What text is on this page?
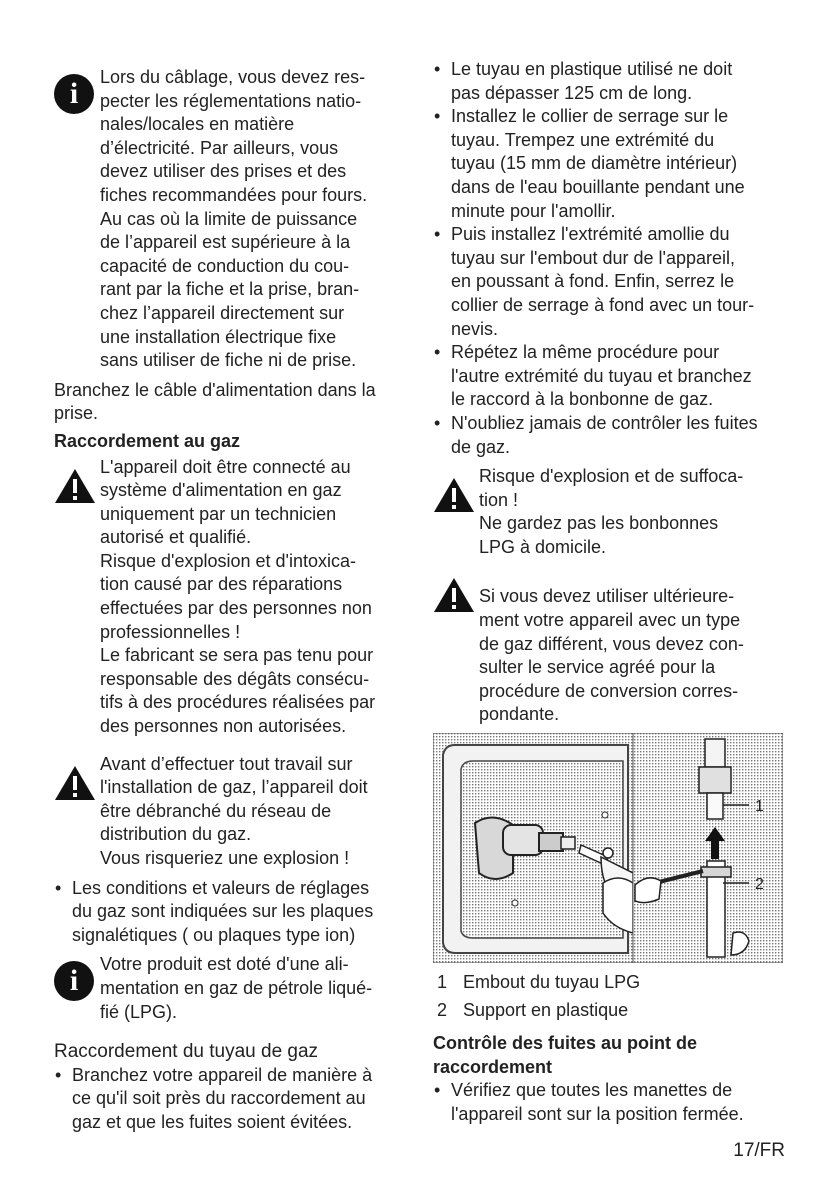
i	Lors du câblage, vous devez res-
pecter les réglementations natio-
nales/locales en matière
d’électricité. Par ailleurs, vous
devez utiliser des prises et des
fiches recommandées pour fours.
Au cas où la limite de puissance
de l’appareil est supérieure à la
capacité de conduction du cou-
rant par la fiche et la prise, bran-
chez l’appareil directement sur
une installation électrique fixe
sans utiliser de fiche ni de prise.

Branchez le câble d'alimentation dans la
prise.

Raccordement au gaz

L'appareil doit être connecté au
système d'alimentation en gaz
uniquement par un technicien
autorisé et qualifié.
Risque d'explosion et d'intoxica-
tion causé par des réparations
effectuées par des personnes non
professionnelles !
Le fabricant se sera pas tenu pour
responsable des dégâts consécu-
tifs à des procédures réalisées par
des personnes non autorisées.

Avant d’effectuer tout travail sur
l'installation de gaz, l’appareil doit
être débranché du réseau de
distribution du gaz.
Vous risqueriez une explosion !

• Les conditions et valeurs de réglages
du gaz sont indiquées sur les plaques
signalétiques ( ou plaques type ion)
i	Votre produit est doté d'une ali-
mentation en gaz de pétrole liqué-
fié (LPG).

Raccordement du tuyau de gaz

• Branchez votre appareil de manière à
ce qu'il soit près du raccordement au
gaz et que les fuites soient évitées.
• Le tuyau en plastique utilisé ne doit
pas dépasser 125 cm de long.
• Installez le collier de serrage sur le
tuyau. Trempez une extrémité du
tuyau (15 mm de diamètre intérieur)
dans de l'eau bouillante pendant une
minute pour l'amollir.
• Puis installez l'extrémité amollie du
tuyau sur l'embout dur de l'appareil,
en poussant à fond. Enfin, serrez le
collier de serrage à fond avec un tour-
nevis.
• Répétez la même procédure pour
l'autre extrémité du tuyau et branchez
le raccord à la bonbonne de gaz.
• N'oubliez jamais de contrôler les fuites
de gaz.

Risque d'explosion et de suffoca-
tion !
Ne gardez pas les bonbonnes
LPG à domicile.

Si vous devez utiliser ultérieure-
ment votre appareil avec un type
de gaz différent, vous devez con-
sulter le service agréé pour la
procédure de conversion corres-
pondante.

1
2

1 Embout du tuyau LPG

2 Support en plastique

Contrôle des fuites au point de
raccordement

• Vérifiez que toutes les manettes de
l'appareil sont sur la position fermée.
17/FR
